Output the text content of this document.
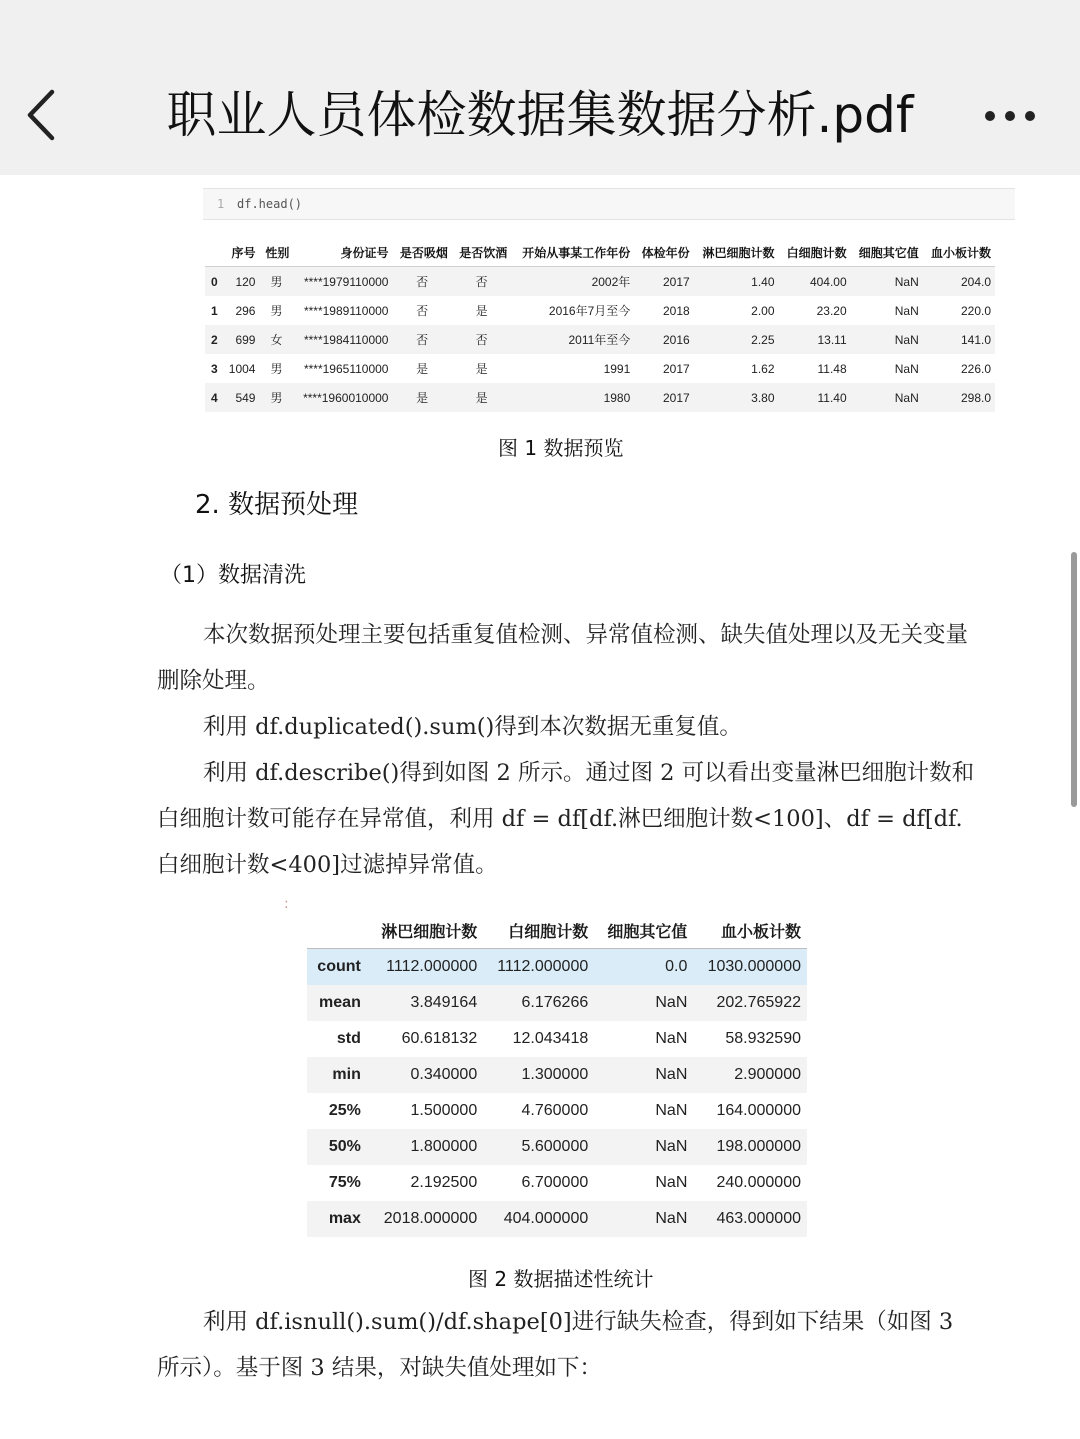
职业人员体检数据集数据分析.pdf
1 df.head()
	序号	性别	身份证号	是否吸烟	是否饮酒	开始从事某工作年份	体检年份	淋巴细胞计数	白细胞计数	细胞其它值	血小板计数
0	120	男	****1979110000	否	否	2002年	2017	1.40	404.00	NaN	204.0
1	296	男	****1989110000	否	是	2016年7月至今	2018	2.00	23.20	NaN	220.0
2	699	女	****1984110000	否	否	2011年至今	2016	2.25	13.11	NaN	141.0
3	1004	男	****1965110000	是	是	1991	2017	1.62	11.48	NaN	226.0
4	549	男	****1960010000	是	是	1980	2017	3.80	11.40	NaN	298.0
图 1 数据预览
2. 数据预处理
（1）数据清洗
本次数据预处理主要包括重复值检测、异常值检测、缺失值处理以及无关变量删除处理。
利用 df.duplicated().sum()得到本次数据无重复值。
利用 df.describe()得到如图 2 所示。通过图 2 可以看出变量淋巴细胞计数和白细胞计数可能存在异常值，利用 df = df[df.淋巴细胞计数<100]、df = df[df.白细胞计数<400]过滤掉异常值。
:
	淋巴细胞计数	白细胞计数	细胞其它值	血小板计数
count	1112.000000	1112.000000	0.0	1030.000000
mean	3.849164	6.176266	NaN	202.765922
std	60.618132	12.043418	NaN	58.932590
min	0.340000	1.300000	NaN	2.900000
25%	1.500000	4.760000	NaN	164.000000
50%	1.800000	5.600000	NaN	198.000000
75%	2.192500	6.700000	NaN	240.000000
max	2018.000000	404.000000	NaN	463.000000
图 2 数据描述性统计
利用 df.isnull().sum()/df.shape[0]进行缺失检查，得到如下结果（如图 3 所示）。基于图 3 结果，对缺失值处理如下：
